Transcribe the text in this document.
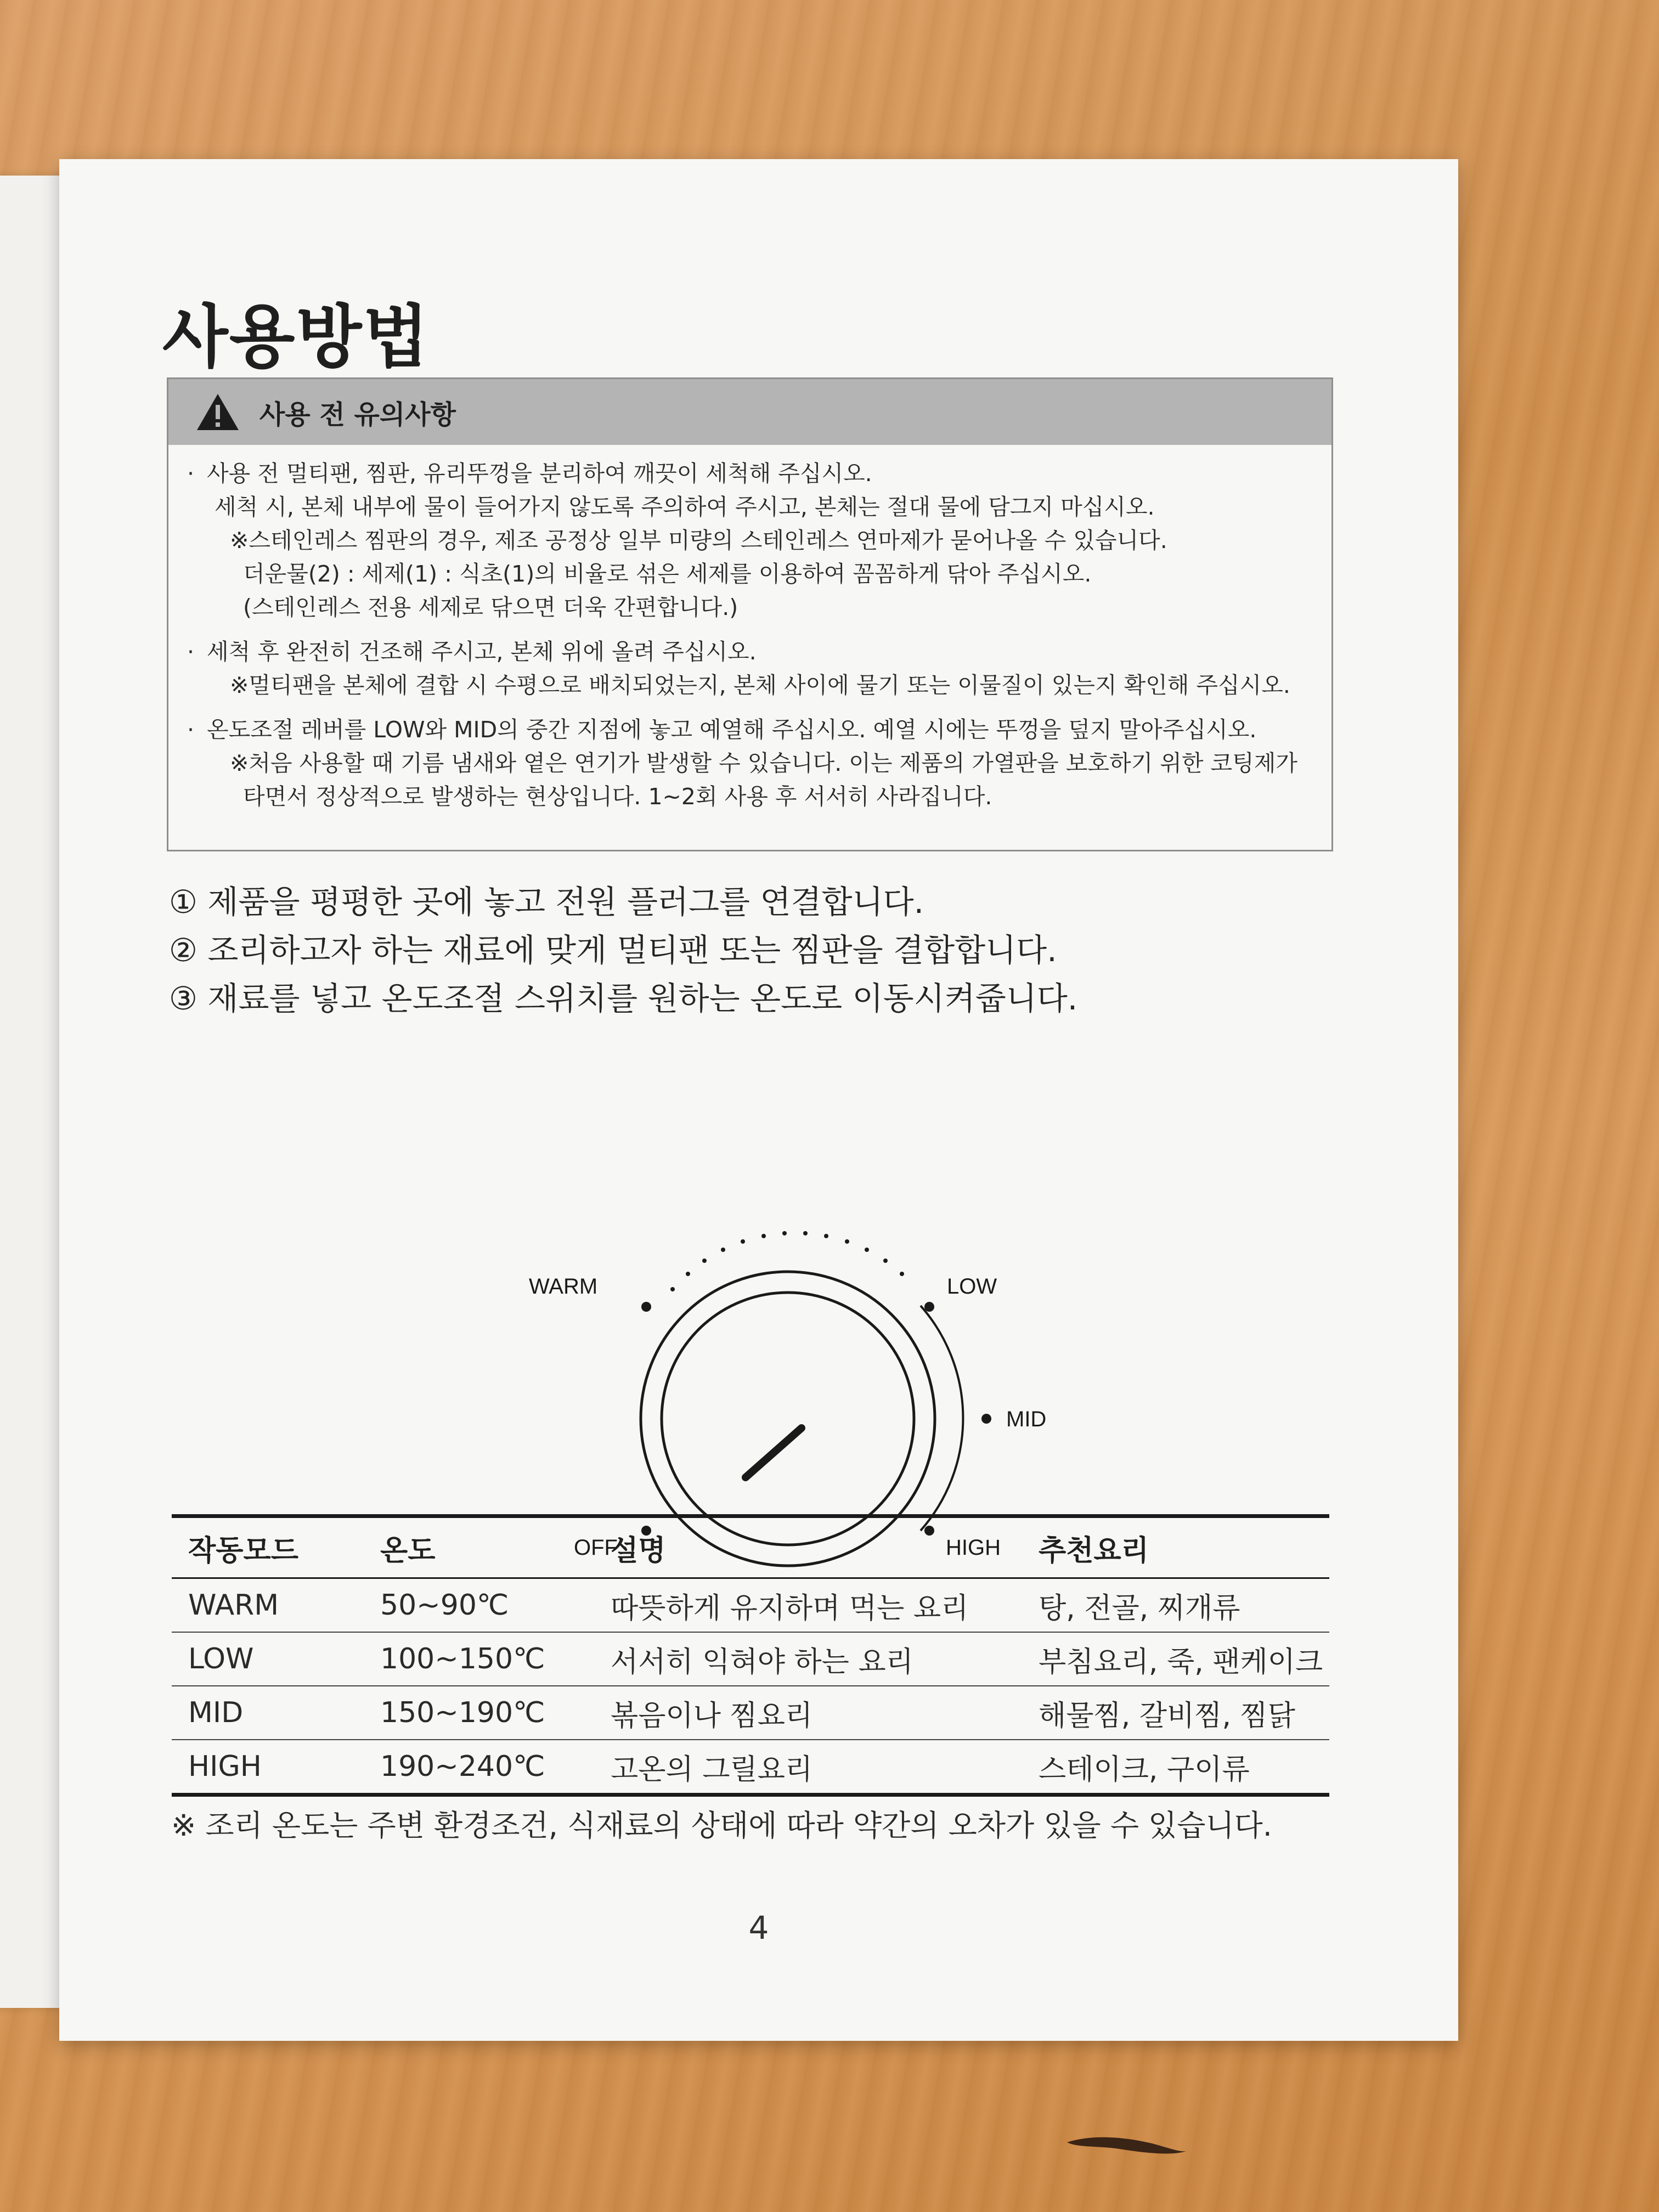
사용방법
사용 전 유의사항
· 사용 전 멀티팬, 찜판, 유리뚜껑을 분리하여 깨끗이 세척해 주십시오.
세척 시, 본체 내부에 물이 들어가지 않도록 주의하여 주시고, 본체는 절대 물에 담그지 마십시오.
※스테인레스 찜판의 경우, 제조 공정상 일부 미량의 스테인레스 연마제가 묻어나올 수 있습니다.
더운물(2) : 세제(1) : 식초(1)의 비율로 섞은 세제를 이용하여 꼼꼼하게 닦아 주십시오.
(스테인레스 전용 세제로 닦으면 더욱 간편합니다.)
· 세척 후 완전히 건조해 주시고, 본체 위에 올려 주십시오.
※멀티팬을 본체에 결합 시 수평으로 배치되었는지, 본체 사이에 물기 또는 이물질이 있는지 확인해 주십시오.
· 온도조절 레버를 LOW와 MID의 중간 지점에 놓고 예열해 주십시오. 예열 시에는 뚜껑을 덮지 말아주십시오.
※처음 사용할 때 기름 냄새와 옅은 연기가 발생할 수 있습니다. 이는 제품의 가열판을 보호하기 위한 코팅제가
타면서 정상적으로 발생하는 현상입니다. 1~2회 사용 후 서서히 사라집니다.
① 제품을 평평한 곳에 놓고 전원 플러그를 연결합니다.
② 조리하고자 하는 재료에 맞게 멀티팬 또는 찜판을 결합합니다.
③ 재료를 넣고 온도조절 스위치를 원하는 온도로 이동시켜줍니다.
WARM	LOW
MID
HIGH
OFF
작동모드	온도	설명	추천요리
WARM	50~90℃	따뜻하게 유지하며 먹는 요리	탕, 전골, 찌개류
LOW	100~150℃	서서히 익혀야 하는 요리	부침요리, 죽, 팬케이크
MID	150~190℃	볶음이나 찜요리	해물찜, 갈비찜, 찜닭
HIGH	190~240℃	고온의 그릴요리	스테이크, 구이류
※ 조리 온도는 주변 환경조건, 식재료의 상태에 따라 약간의 오차가 있을 수 있습니다.
4
